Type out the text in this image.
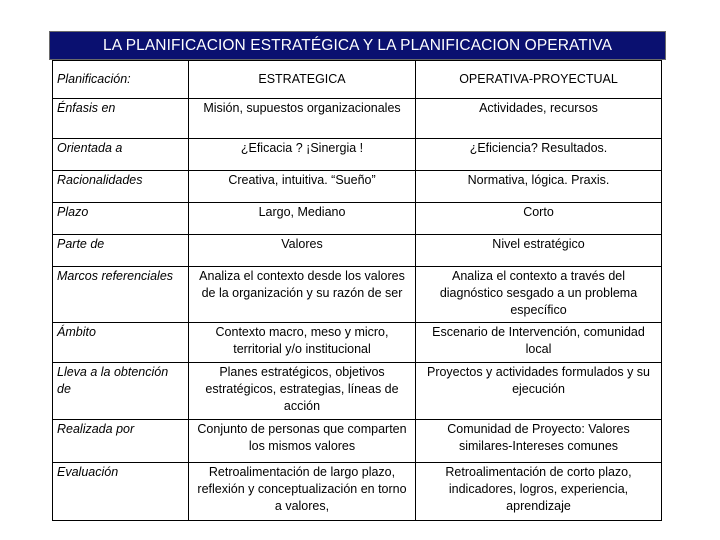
LA PLANIFICACION ESTRATÉGICA Y LA PLANIFICACION OPERATIVA
Planificación:	ESTRATEGICA	OPERATIVA-PROYECTUAL
Énfasis en	Misión, supuestos organizacionales	Actividades, recursos
Orientada a	¿Eficacia ? ¡Sinergia !	¿Eficiencia? Resultados.
Racionalidades	Creativa, intuitiva. “Sueño”	Normativa, lógica. Praxis.
Plazo	Largo, Mediano	Corto
Parte de	Valores	Nivel estratégico
Marcos referenciales	Analiza el contexto desde los valores de la organización y su razón de ser	Analiza el contexto a través del diagnóstico sesgado a un problema específico
Ámbito	Contexto macro, meso y micro, territorial y/o institucional	Escenario de Intervención, comunidad local
Lleva a la obtención de	Planes estratégicos, objetivos estratégicos, estrategias, líneas de acción	Proyectos y actividades formulados y su ejecución
Realizada por	Conjunto de personas que comparten los mismos valores	Comunidad de Proyecto: Valores similares-Intereses comunes
Evaluación	Retroalimentación de largo plazo, reflexión y conceptualización en torno a valores,	Retroalimentación de corto plazo, indicadores, logros, experiencia, aprendizaje
